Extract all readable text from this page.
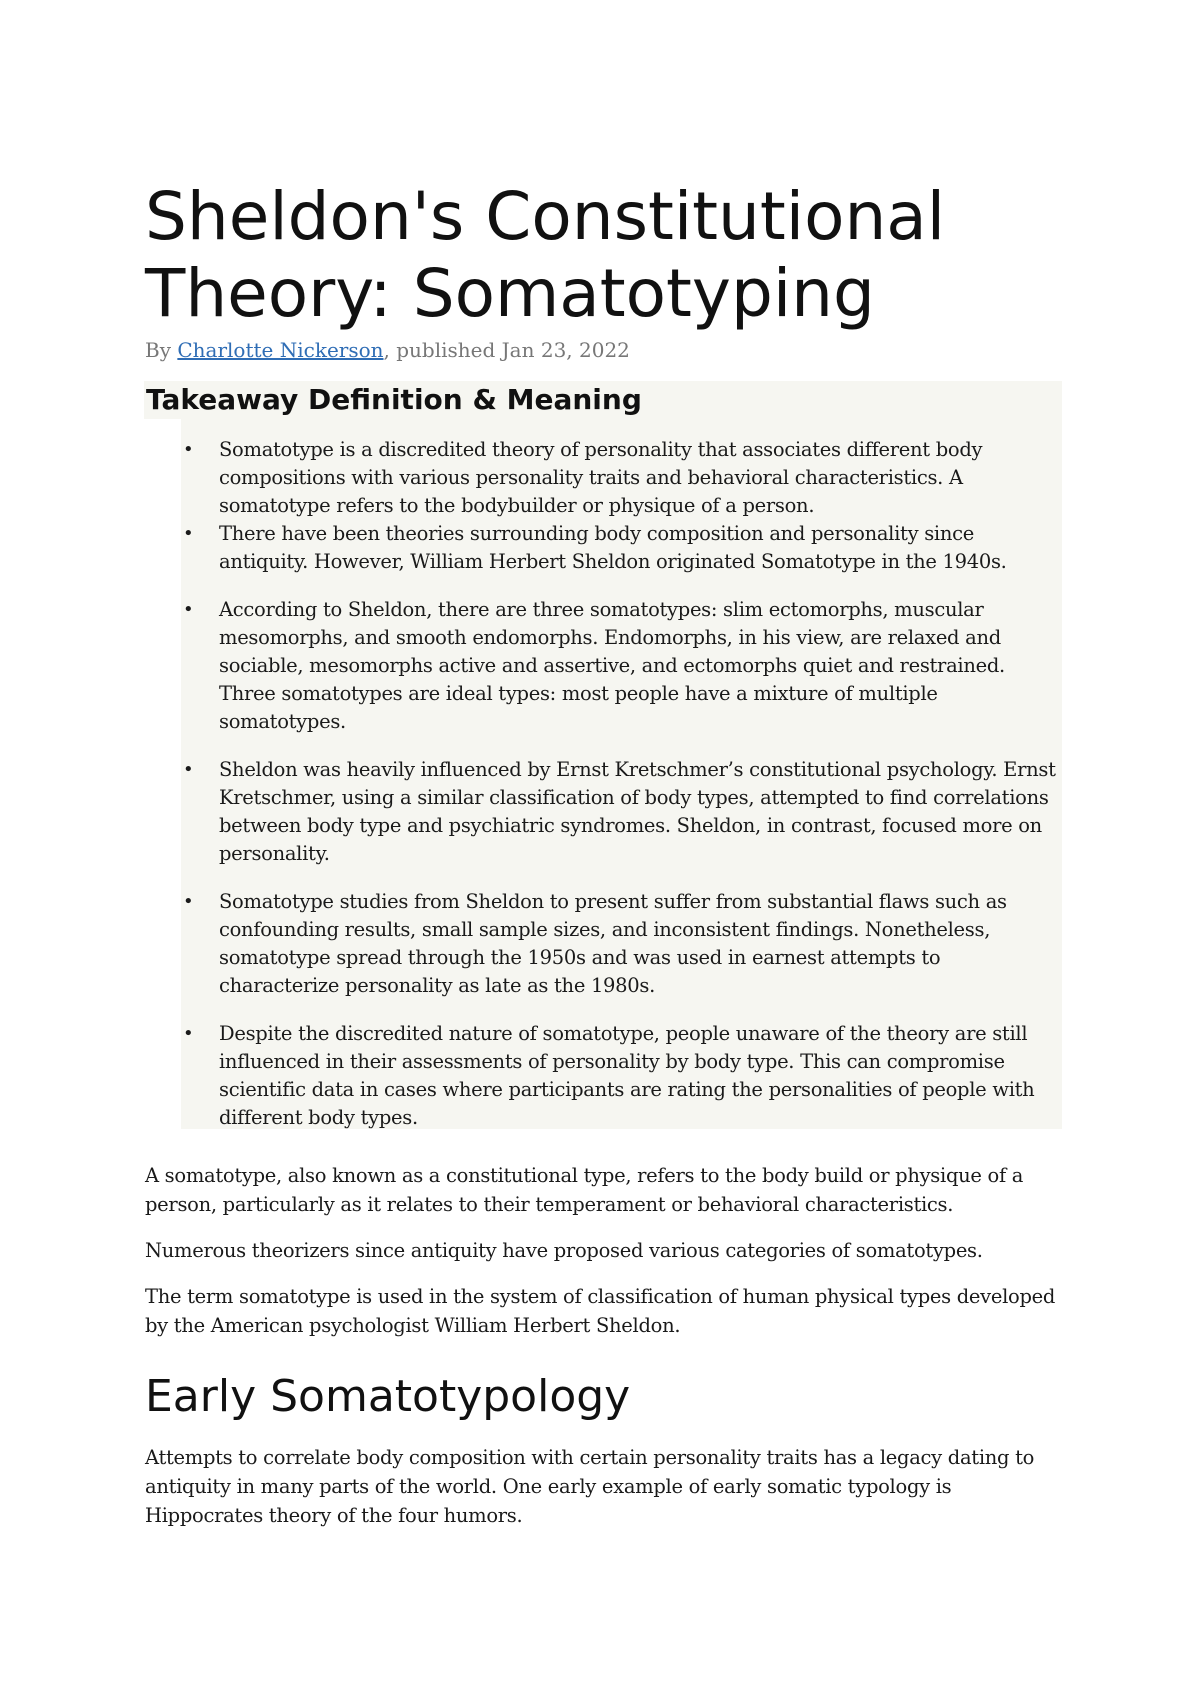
Sheldon's Constitutional Theory: Somatotyping
By Charlotte Nickerson, published Jan 23, 2022
Takeaway Definition & Meaning
• Somatotype is a discredited theory of personality that associates different body compositions with various personality traits and behavioral characteristics. A somatotype refers to the bodybuilder or physique of a person.
• There have been theories surrounding body composition and personality since antiquity. However, William Herbert Sheldon originated Somatotype in the 1940s.
• According to Sheldon, there are three somatotypes: slim ectomorphs, muscular mesomorphs, and smooth endomorphs. Endomorphs, in his view, are relaxed and sociable, mesomorphs active and assertive, and ectomorphs quiet and restrained. Three somatotypes are ideal types: most people have a mixture of multiple somatotypes.
• Sheldon was heavily influenced by Ernst Kretschmer’s constitutional psychology. Ernst Kretschmer, using a similar classification of body types, attempted to find correlations between body type and psychiatric syndromes. Sheldon, in contrast, focused more on personality.
• Somatotype studies from Sheldon to present suffer from substantial flaws such as confounding results, small sample sizes, and inconsistent findings. Nonetheless, somatotype spread through the 1950s and was used in earnest attempts to characterize personality as late as the 1980s.
• Despite the discredited nature of somatotype, people unaware of the theory are still influenced in their assessments of personality by body type. This can compromise scientific data in cases where participants are rating the personalities of people with different body types.

A somatotype, also known as a constitutional type, refers to the body build or physique of a person, particularly as it relates to their temperament or behavioral characteristics.

Numerous theorizers since antiquity have proposed various categories of somatotypes.

The term somatotype is used in the system of classification of human physical types developed by the American psychologist William Herbert Sheldon.

Early Somatotypology

Attempts to correlate body composition with certain personality traits has a legacy dating to antiquity in many parts of the world. One early example of early somatic typology is Hippocrates theory of the four humors.
